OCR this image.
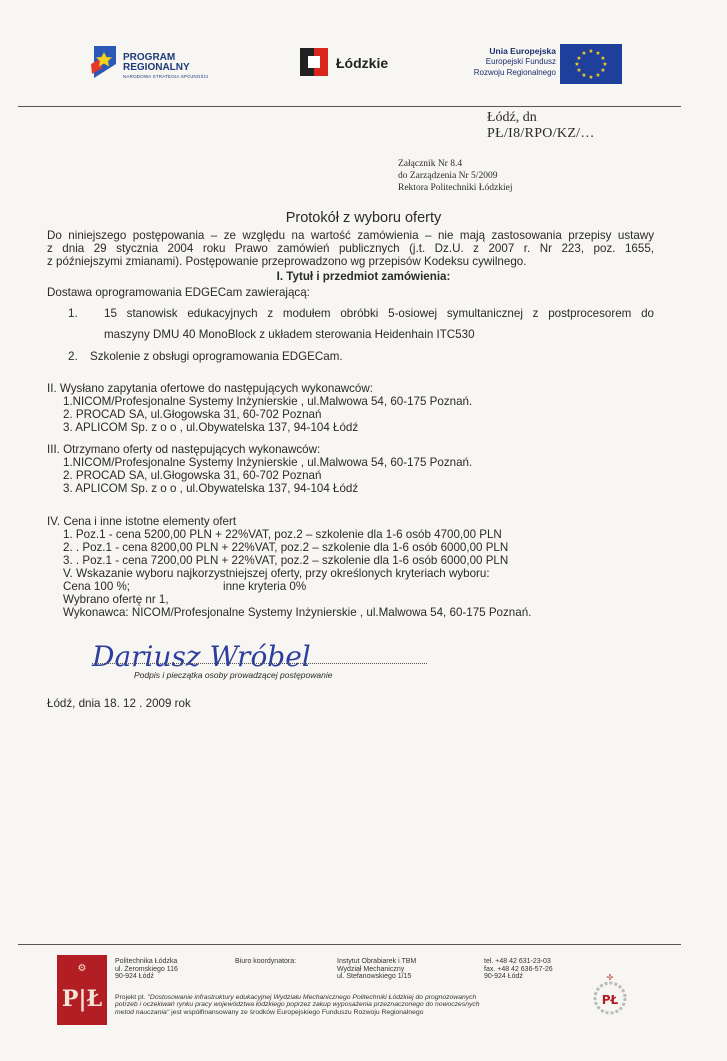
PROGRAM
REGIONALNY
NARODOWA STRATEGIA SPÓJNOŚCI
Łódzkie
Unia Europejska
Europejski Fundusz
Rozwoju Regionalnego
★ ★
★
★
★
★
★
★
★
★
★
★
Łódź, dn
PŁ/I8/RPO/KZ/…
Załącznik Nr 8.4
do Zarządzenia Nr 5/2009
Rektora Politechniki Łódzkiej
Protokół z wyboru oferty
Do niniejszego postępowania – ze względu na wartość zamówienia – nie mają zastosowania przepisy ustawy
z dnia 29 stycznia 2004 roku Prawo zamówień publicznych (j.t. Dz.U. z 2007 r. Nr 223, poz. 1655,
z późniejszymi zmianami). Postępowanie przeprowadzono wg przepisów Kodeksu cywilnego.
I. Tytuł i przedmiot zamówienia:
Dostawa oprogramowania EDGECam zawierającą:
1. 15 stanowisk edukacyjnych z modułem obróbki 5-osiowej symultanicznej z postprocesorem do
maszyny DMU 40 MonoBlock z układem sterowania Heidenhain ITC530
2. Szkolenie z obsługi oprogramowania EDGECam.
II. Wysłano zapytania ofertowe do następujących wykonawców:
1.NICOM/Profesjonalne Systemy Inżynierskie , ul.Malwowa 54, 60-175 Poznań.
2. PROCAD SA, ul.Głogowska 31, 60-702 Poznań
3. APLICOM Sp. z o o , ul.Obywatelska 137, 94-104 Łódź
III. Otrzymano oferty od następujących wykonawców:
1.NICOM/Profesjonalne Systemy Inżynierskie , ul.Malwowa 54, 60-175 Poznań.
2. PROCAD SA, ul.Głogowska 31, 60-702 Poznań
3. APLICOM Sp. z o o , ul.Obywatelska 137, 94-104 Łódź
IV. Cena i inne istotne elementy ofert
1. Poz.1 - cena 5200,00 PLN + 22%VAT, poz.2 – szkolenie dla 1-6 osób 4700,00 PLN
2. . Poz.1 - cena 8200,00 PLN + 22%VAT, poz.2 – szkolenie dla 1-6 osób 6000,00 PLN
3. . Poz.1 - cena 7200,00 PLN + 22%VAT, poz.2 – szkolenie dla 1-6 osób 6000,00 PLN
V. Wskazanie wyboru najkorzystniejszej oferty, przy określonych kryteriach wyboru:
Cena 100 %;	inne kryteria 0%
Wybrano ofertę nr 1,
Wykonawca: NICOM/Profesjonalne Systemy Inżynierskie , ul.Malwowa 54, 60-175 Poznań.
Dariusz Wróbel
Podpis i pieczątka osoby prowadzącej postępowanie
Łódź, dnia 18. 12 . 2009 rok
⚙
P|Ł
Politechnika Łódzka
ul. Żeromskiego 116
90-924 Łódź
Biuro koordynatora:	Instytut Obrabiarek i TBM
Wydział Mechaniczny
ul. Stefanowskiego 1/15
tel. +48 42 631-23-03
fax. +48 42 636-57-26
90-924 Łódź
Projekt pt. "Dostosowanie infrastruktury edukacyjnej Wydziału Mechanicznego Politechniki Łódzkiej do prognozowanych
potrzeb i oczekiwań rynku pracy województwa łódzkiego poprzez zakup wyposażenia przeznaczonego do nowoczesnych
metod nauczania" jest współfinansowany ze środków Europejskiego Funduszu Rozwoju Regionalnego
PŁ
✢
